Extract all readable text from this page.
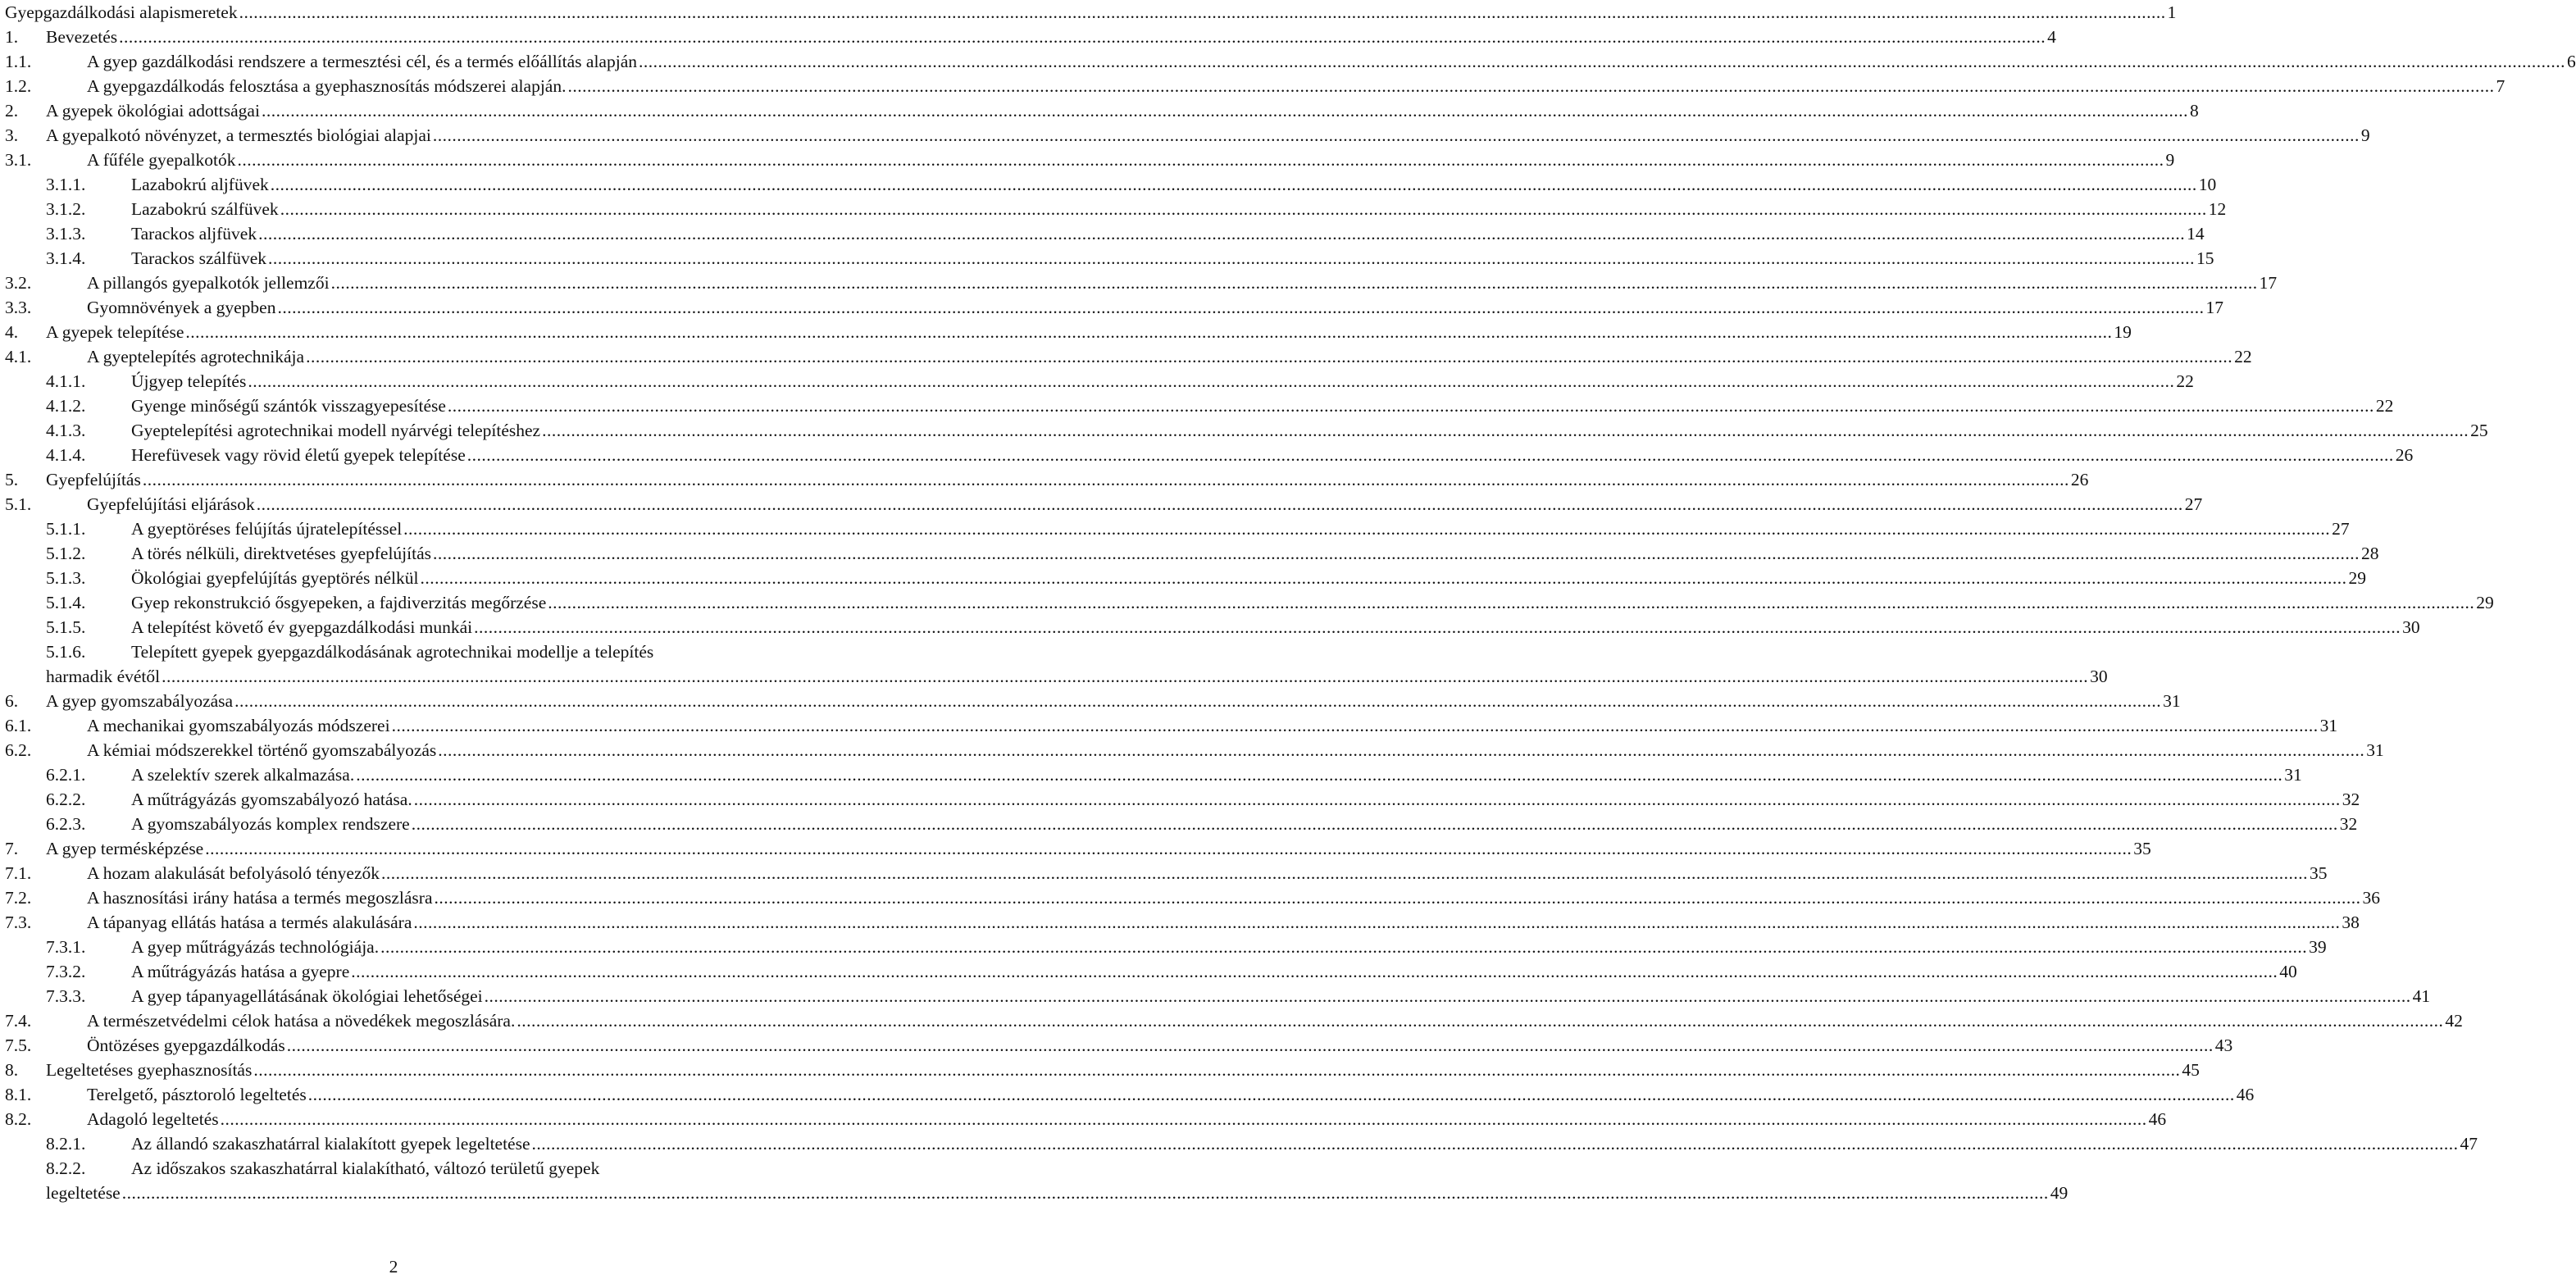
Gyepgazdálkodási alapismeretek ................................................................................................................................................................................................................................................................................................................................................................................................................ 1
1. Bevezetés ................................................................................................................................................................................................................................................................................................................................................................................................................ 4
1.1.	A gyep gazdálkodási rendszere a termesztési cél, és a termés előállítás alapján ................................................................................................................................................................................................................................................................................................................................................................................................................ 6
1.2.	A gyepgazdálkodás felosztása a gyephasznosítás módszerei alapján. ................................................................................................................................................................................................................................................................................................................................................................................................................ 7
2. A gyepek ökológiai adottságai ................................................................................................................................................................................................................................................................................................................................................................................................................ 8
3. A gyepalkotó növényzet, a termesztés biológiai alapjai ................................................................................................................................................................................................................................................................................................................................................................................................................ 9
3.1.	A fűféle gyepalkotók ................................................................................................................................................................................................................................................................................................................................................................................................................ 9
3.1.1.	Lazabokrú aljfüvek ................................................................................................................................................................................................................................................................................................................................................................................................................ 10
3.1.2.	Lazabokrú szálfüvek ................................................................................................................................................................................................................................................................................................................................................................................................................ 12
3.1.3.	Tarackos aljfüvek ................................................................................................................................................................................................................................................................................................................................................................................................................ 14
3.1.4.	Tarackos szálfüvek ................................................................................................................................................................................................................................................................................................................................................................................................................ 15
3.2.	A pillangós gyepalkotók jellemzői ................................................................................................................................................................................................................................................................................................................................................................................................................ 17
3.3.	Gyomnövények a gyepben ................................................................................................................................................................................................................................................................................................................................................................................................................ 17
4. A gyepek telepítése ................................................................................................................................................................................................................................................................................................................................................................................................................ 19
4.1.	A gyeptelepítés agrotechnikája ................................................................................................................................................................................................................................................................................................................................................................................................................ 22
4.1.1.	Újgyep telepítés ................................................................................................................................................................................................................................................................................................................................................................................................................ 22
4.1.2.	Gyenge minőségű szántók visszagyepesítése ................................................................................................................................................................................................................................................................................................................................................................................................................ 22
4.1.3.	Gyeptelepítési agrotechnikai modell nyárvégi telepítéshez ................................................................................................................................................................................................................................................................................................................................................................................................................ 25
4.1.4.	Herefüvesek vagy rövid életű gyepek telepítése ................................................................................................................................................................................................................................................................................................................................................................................................................ 26
5. Gyepfelújítás ................................................................................................................................................................................................................................................................................................................................................................................................................ 26
5.1.	Gyepfelújítási eljárások ................................................................................................................................................................................................................................................................................................................................................................................................................ 27
5.1.1.	A gyeptöréses felújítás újratelepítéssel ................................................................................................................................................................................................................................................................................................................................................................................................................ 27
5.1.2.	A törés nélküli, direktvetéses gyepfelújítás ................................................................................................................................................................................................................................................................................................................................................................................................................ 28
5.1.3.	Ökológiai gyepfelújítás gyeptörés nélkül ................................................................................................................................................................................................................................................................................................................................................................................................................ 29
5.1.4.	Gyep rekonstrukció ősgyepeken, a fajdiverzitás megőrzése ................................................................................................................................................................................................................................................................................................................................................................................................................ 29
5.1.5.	A telepítést követő év gyepgazdálkodási munkái ................................................................................................................................................................................................................................................................................................................................................................................................................ 30
5.1.6.	Telepített gyepek gyepgazdálkodásának agrotechnikai modellje a telepítés
harmadik évétől ................................................................................................................................................................................................................................................................................................................................................................................................................ 30
6. A gyep gyomszabályozása ................................................................................................................................................................................................................................................................................................................................................................................................................ 31
6.1.	A mechanikai gyomszabályozás módszerei ................................................................................................................................................................................................................................................................................................................................................................................................................ 31
6.2.	A kémiai módszerekkel történő gyomszabályozás ................................................................................................................................................................................................................................................................................................................................................................................................................ 31
6.2.1.	A szelektív szerek alkalmazása. ................................................................................................................................................................................................................................................................................................................................................................................................................ 31
6.2.2.	A műtrágyázás gyomszabályozó hatása. ................................................................................................................................................................................................................................................................................................................................................................................................................ 32
6.2.3.	A gyomszabályozás komplex rendszere ................................................................................................................................................................................................................................................................................................................................................................................................................ 32
7. A gyep termésképzése ................................................................................................................................................................................................................................................................................................................................................................................................................ 35
7.1.	A hozam alakulását befolyásoló tényezők ................................................................................................................................................................................................................................................................................................................................................................................................................ 35
7.2.	A hasznosítási irány hatása a termés megoszlásra ................................................................................................................................................................................................................................................................................................................................................................................................................ 36
7.3.	A tápanyag ellátás hatása a termés alakulására ................................................................................................................................................................................................................................................................................................................................................................................................................ 38
7.3.1.	A gyep műtrágyázás technológiája. ................................................................................................................................................................................................................................................................................................................................................................................................................ 39
7.3.2.	A műtrágyázás hatása a gyepre ................................................................................................................................................................................................................................................................................................................................................................................................................ 40
7.3.3.	A gyep tápanyagellátásának ökológiai lehetőségei ................................................................................................................................................................................................................................................................................................................................................................................................................ 41
7.4.	A természetvédelmi célok hatása a növedékek megoszlására. ................................................................................................................................................................................................................................................................................................................................................................................................................ 42
7.5.	Öntözéses gyepgazdálkodás ................................................................................................................................................................................................................................................................................................................................................................................................................ 43
8. Legeltetéses gyephasznosítás ................................................................................................................................................................................................................................................................................................................................................................................................................ 45
8.1.	Terelgető, pásztoroló legeltetés ................................................................................................................................................................................................................................................................................................................................................................................................................ 46
8.2.	Adagoló legeltetés ................................................................................................................................................................................................................................................................................................................................................................................................................ 46
8.2.1.	Az állandó szakaszhatárral kialakított gyepek legeltetése ................................................................................................................................................................................................................................................................................................................................................................................................................ 47
8.2.2.	Az időszakos szakaszhatárral kialakítható, változó területű gyepek
legeltetése ................................................................................................................................................................................................................................................................................................................................................................................................................ 49
2
